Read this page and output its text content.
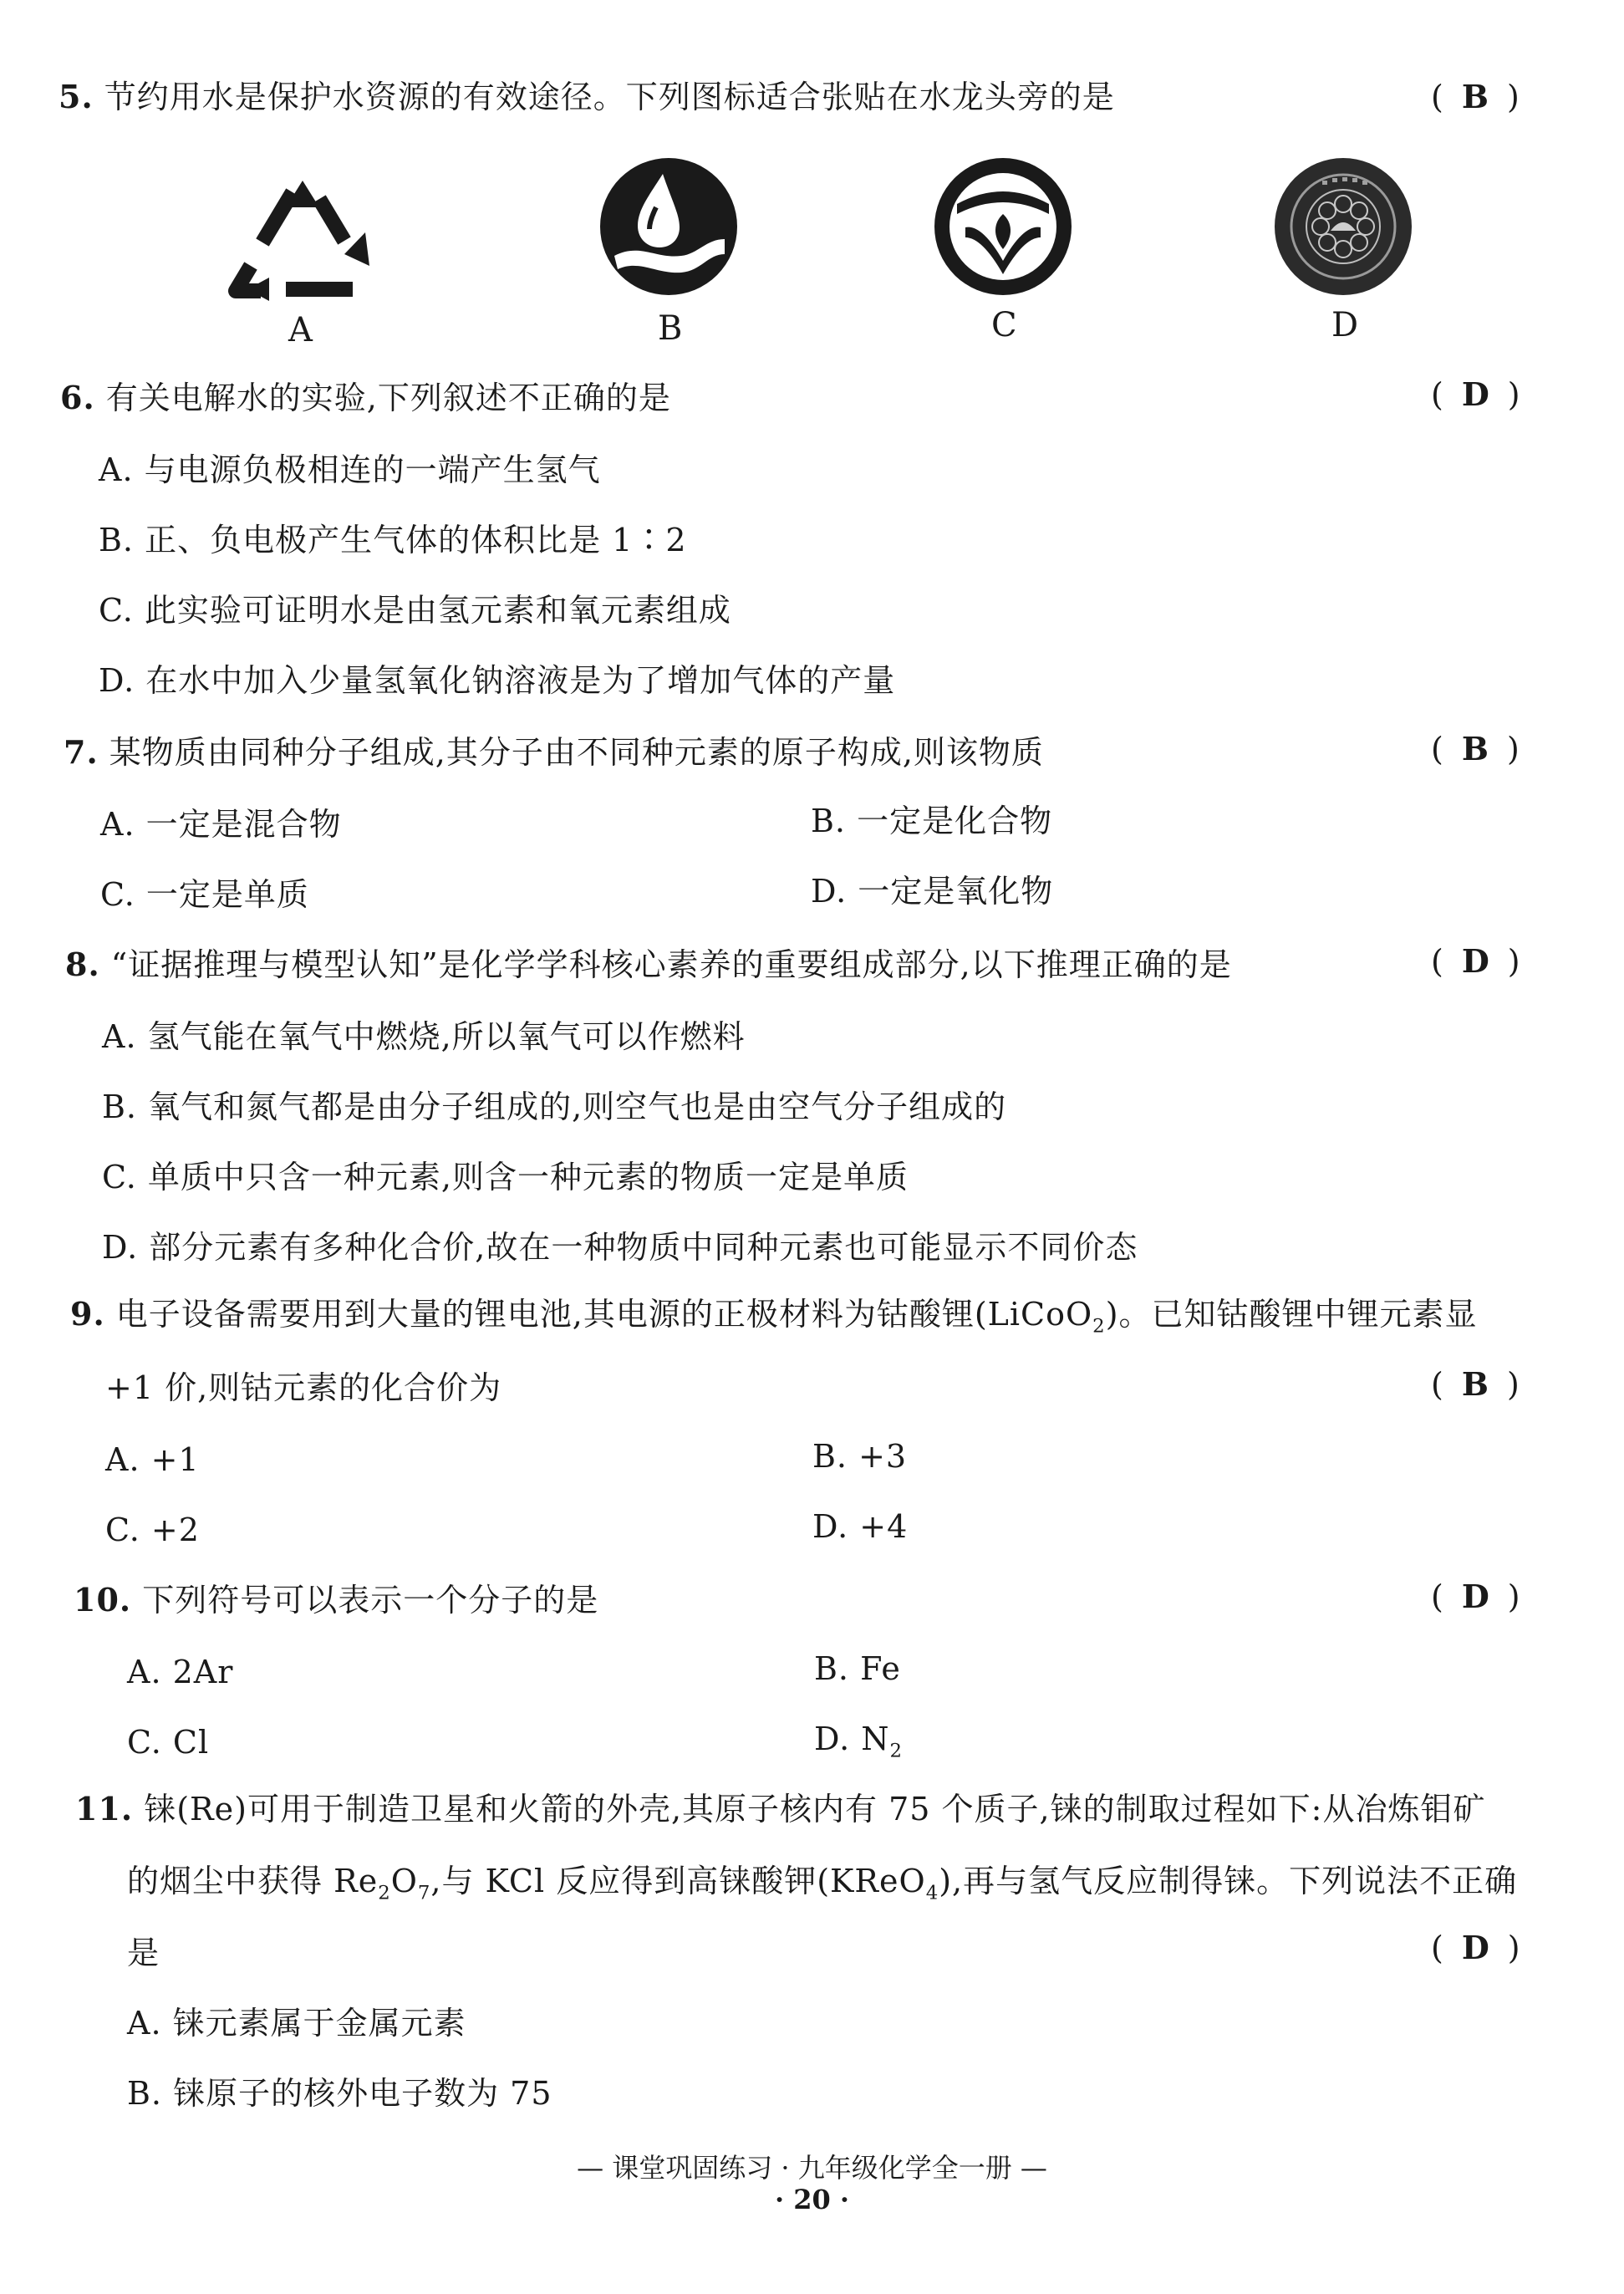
5. 节约用水是保护水资源的有效途径。下列图标适合张贴在水龙头旁的是	( B )
A	B	C	D
6. 有关电解水的实验,下列叙述不正确的是	( D )
A. 与电源负极相连的一端产生氢气
B. 正、负电极产生气体的体积比是 1∶2
C. 此实验可证明水是由氢元素和氧元素组成
D. 在水中加入少量氢氧化钠溶液是为了增加气体的产量
7. 某物质由同种分子组成,其分子由不同种元素的原子构成,则该物质	( B )
A. 一定是混合物	B. 一定是化合物
C. 一定是单质	D. 一定是氧化物
8. “证据推理与模型认知”是化学学科核心素养的重要组成部分,以下推理正确的是	( D )
A. 氢气能在氧气中燃烧,所以氧气可以作燃料
B. 氧气和氮气都是由分子组成的,则空气也是由空气分子组成的
C. 单质中只含一种元素,则含一种元素的物质一定是单质
D. 部分元素有多种化合价,故在一种物质中同种元素也可能显示不同价态
9. 电子设备需要用到大量的锂电池,其电源的正极材料为钴酸锂(LiCoO$_2$)。已知钴酸锂中锂元素显
+1 价,则钴元素的化合价为	( B )
A. +1	B. +3
C. +2	D. +4
10. 下列符号可以表示一个分子的是	( D )
A. 2Ar	B. Fe
C. Cl	D. $N_2$
11. 铼(Re)可用于制造卫星和火箭的外壳,其原子核内有 75 个质子,铼的制取过程如下:从冶炼钼矿
的烟尘中获得 $Re_2O_7$,与 KCl 反应得到高铼酸钾(KReO$_4$),再与氢气反应制得铼。下列说法不正确
是	( D )
A. 铼元素属于金属元素
B. 铼原子的核外电子数为 75
— 课堂巩固练习 · 九年级化学全一册 —
· 20 ·
